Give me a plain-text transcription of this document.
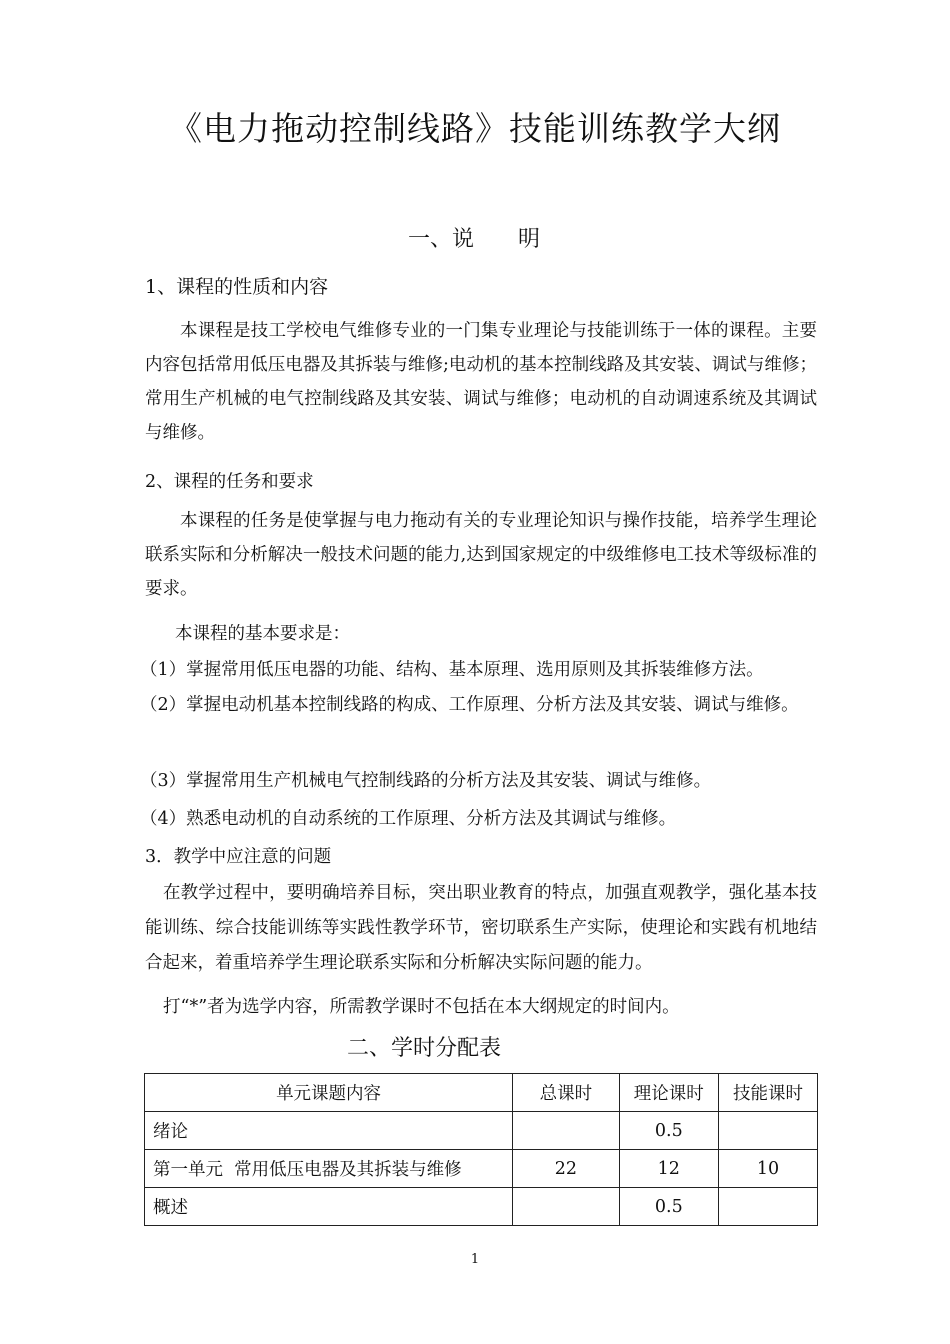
《电力拖动控制线路》技能训练教学大纲
一、说 明
1、课程的性质和内容
本课程是技工学校电气维修专业的一门集专业理论与技能训练于一体的课程。主要内容包括常用低压电器及其拆装与维修;电动机的基本控制线路及其安装、调试与维修；常用生产机械的电气控制线路及其安装、调试与维修；电动机的自动调速系统及其调试与维修。
2、课程的任务和要求
本课程的任务是使掌握与电力拖动有关的专业理论知识与操作技能，培养学生理论联系实际和分析解决一般技术问题的能力,达到国家规定的中级维修电工技术等级标准的要求。
本课程的基本要求是：
（1）掌握常用低压电器的功能、结构、基本原理、选用原则及其拆装维修方法。
（2）掌握电动机基本控制线路的构成、工作原理、分析方法及其安装、调试与维修。
（3）掌握常用生产机械电气控制线路的分析方法及其安装、调试与维修。
（4）熟悉电动机的自动系统的工作原理、分析方法及其调试与维修。
3．教学中应注意的问题
在教学过程中，要明确培养目标，突出职业教育的特点，加强直观教学，强化基本技能训练、综合技能训练等实践性教学环节，密切联系生产实际，使理论和实践有机地结合起来，着重培养学生理论联系实际和分析解决实际问题的能力。
打“*”者为选学内容，所需教学课时不包括在本大纲规定的时间内。
二、学时分配表
单元课题内容	总课时	理论课时	技能课时
绪论		0.5	
第一单元  常用低压电器及其拆装与维修	22	12	10
概述		0.5	
1
